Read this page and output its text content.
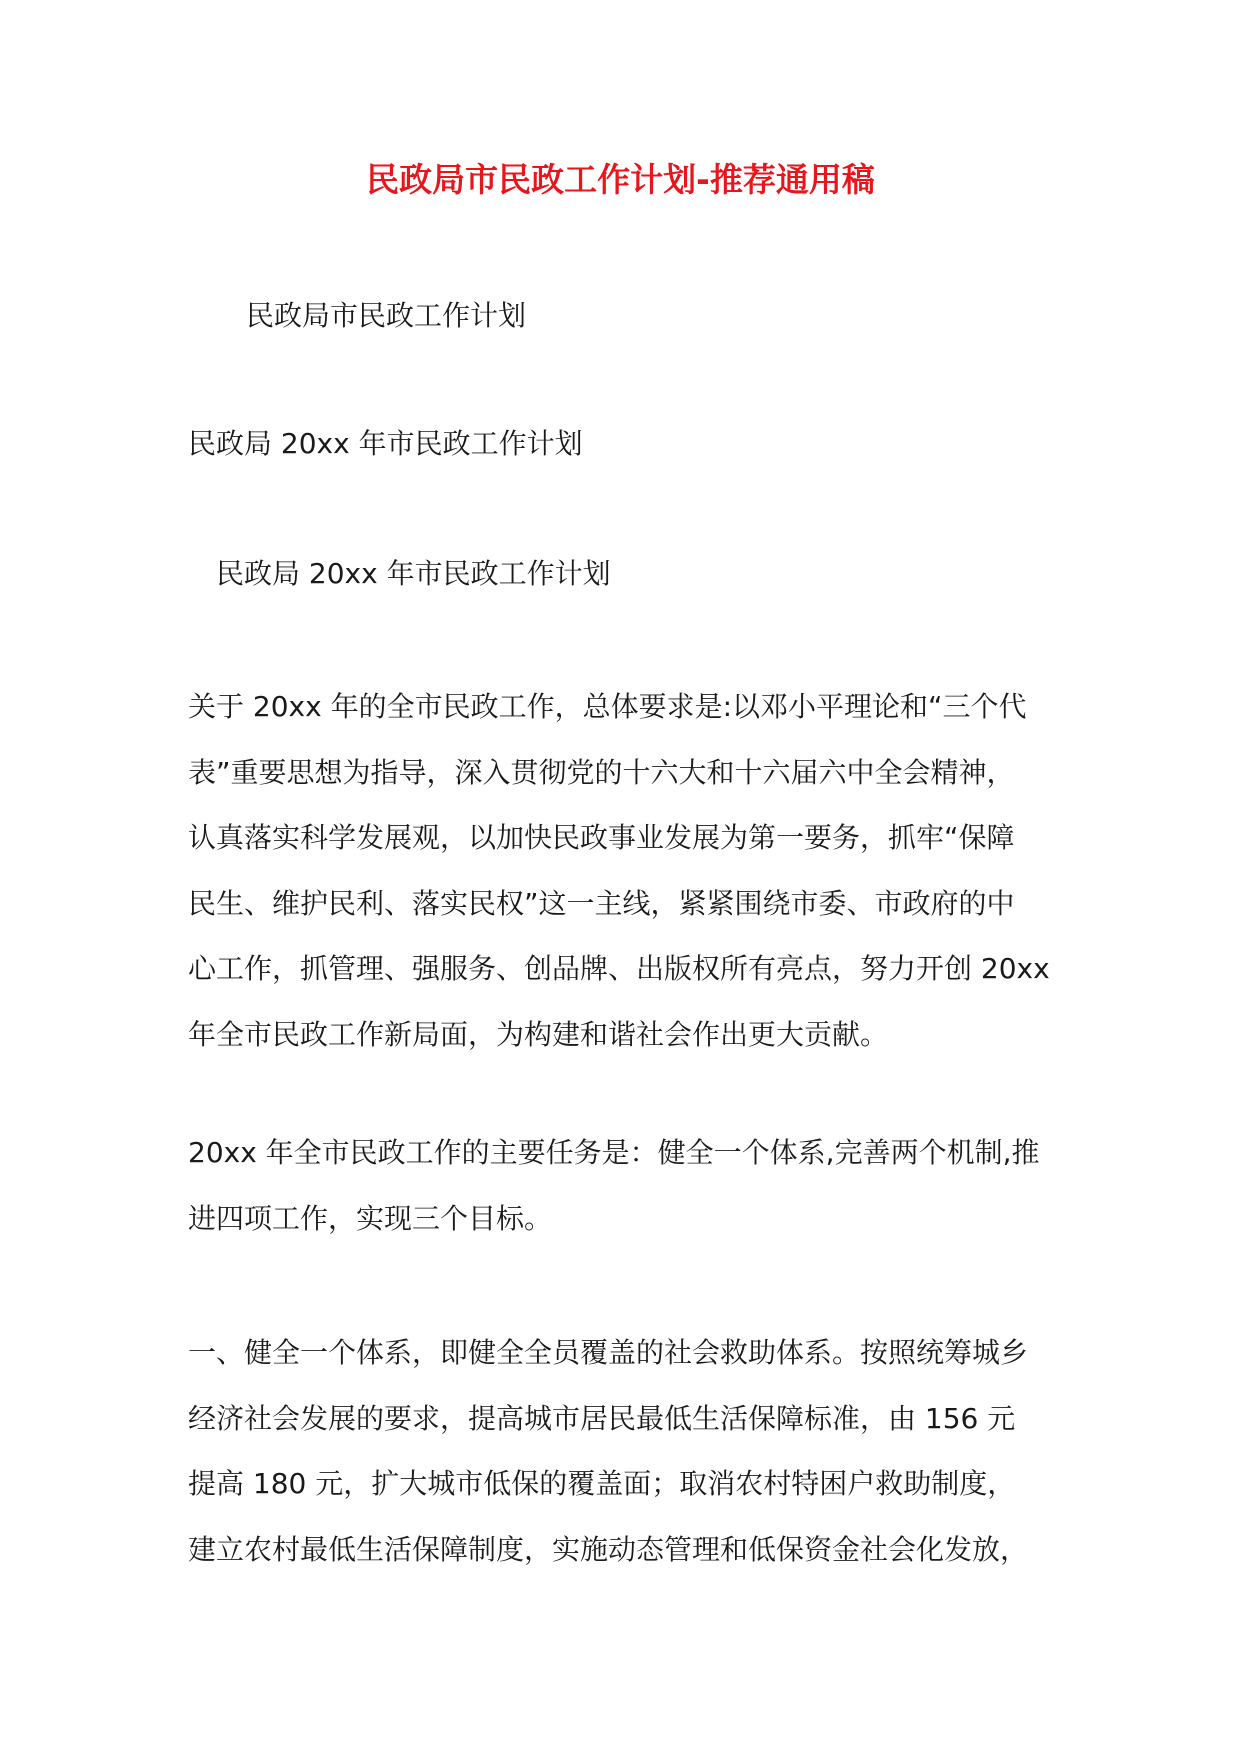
民政局市民政工作计划-推荐通用稿
民政局市民政工作计划
民政局 20xx 年市民政工作计划
民政局 20xx 年市民政工作计划
关于 20xx 年的全市民政工作，总体要求是:以邓小平理论和“三个代
表”重要思想为指导，深入贯彻党的十六大和十六届六中全会精神，
认真落实科学发展观，以加快民政事业发展为第一要务，抓牢“保障
民生、维护民利、落实民权”这一主线，紧紧围绕市委、市政府的中
心工作，抓管理、强服务、创品牌、出版权所有亮点，努力开创 20xx
年全市民政工作新局面，为构建和谐社会作出更大贡献。
20xx 年全市民政工作的主要任务是：健全一个体系,完善两个机制,推
进四项工作，实现三个目标。
一、健全一个体系，即健全全员覆盖的社会救助体系。按照统筹城乡
经济社会发展的要求，提高城市居民最低生活保障标准，由 156 元
提高 180 元，扩大城市低保的覆盖面；取消农村特困户救助制度，
建立农村最低生活保障制度，实施动态管理和低保资金社会化发放，
